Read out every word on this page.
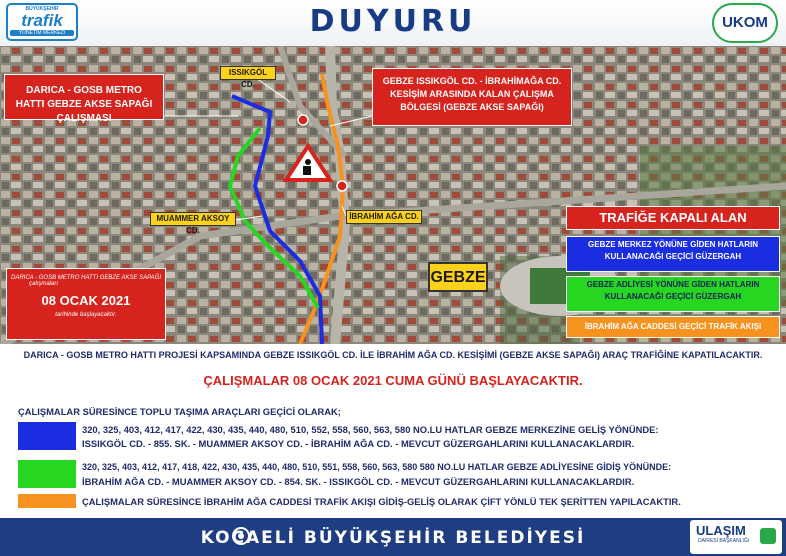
BÜYÜKŞEHİR
trafik
YÖNETİM MERKEZİ	DUYURU	UKOM
DARICA - GOSB METRO HATTI GEBZE AKSE SAPAĞI ÇALIŞMASI
GEBZE ISSIKGÖL CD. - İBRAHİMAĞA CD. KESİŞİM ARASINDA KALAN ÇALIŞMA BÖLGESİ (GEBZE AKSE SAPAĞI)
ISSIKGÖL CD.
MUAMMER AKSOY CD.
İBRAHİM AĞA CD.
GEBZE
DARICA - GOSB METRO HATTI GEBZE AKSE SAPAĞI
çalışmaları
08 OCAK 2021
tarihinde başlayacaktır.
TRAFİĞE KAPALI ALAN
GEBZE MERKEZ YÖNÜNE GİDEN HATLARIN KULLANACAĞI GEÇİCİ GÜZERGAH
GEBZE ADLİYESİ YÖNÜNE GİDEN HATLARIN KULLANACAĞI GEÇİCİ GÜZERGAH
İBRAHİM AĞA CADDESİ GEÇİCİ TRAFİK AKIŞI
DARICA - GOSB METRO HATTI PROJESİ KAPSAMINDA GEBZE ISSIKGÖL CD. İLE İBRAHİM AĞA CD. KESİŞİMİ (GEBZE AKSE SAPAĞI) ARAÇ TRAFİĞİNE KAPATILACAKTIR.
ÇALIŞMALAR 08 OCAK 2021 CUMA GÜNÜ BAŞLAYACAKTIR.
ÇALIŞMALAR SÜRESİNCE TOPLU TAŞIMA ARAÇLARI GEÇİCİ OLARAK;
320, 325, 403, 412, 417, 422, 430, 435, 440, 480, 510, 552, 558, 560, 563, 580 NO.LU HATLAR GEBZE MERKEZİNE GELİŞ YÖNÜNDE:
ISSIKGÖL CD. - 855. SK. - MUAMMER AKSOY CD. - İBRAHİM AĞA CD. - MEVCUT GÜZERGAHLARINI KULLANACAKLARDIR.
320, 325, 403, 412, 417, 418, 422, 430, 435, 440, 480, 510, 551, 558, 560, 563, 580 580 NO.LU HATLAR GEBZE ADLİYESİNE GİDİŞ YÖNÜNDE:
İBRAHİM AĞA CD. - MUAMMER AKSOY CD. - 854. SK. - ISSIKGÖL CD. - MEVCUT GÜZERGAHLARINI KULLANACAKLARDIR.
ÇALIŞMALAR SÜRESİNCE İBRAHİM AĞA CADDESİ TRAFİK AKIŞI GİDİŞ-GELİŞ OLARAK ÇİFT YÖNLÜ TEK ŞERİTTEN YAPILACAKTIR.
KOCAELİ BÜYÜKŞEHİR BELEDİYESİ	ULAŞIM
DAİRESİ BAŞKANLIĞI
